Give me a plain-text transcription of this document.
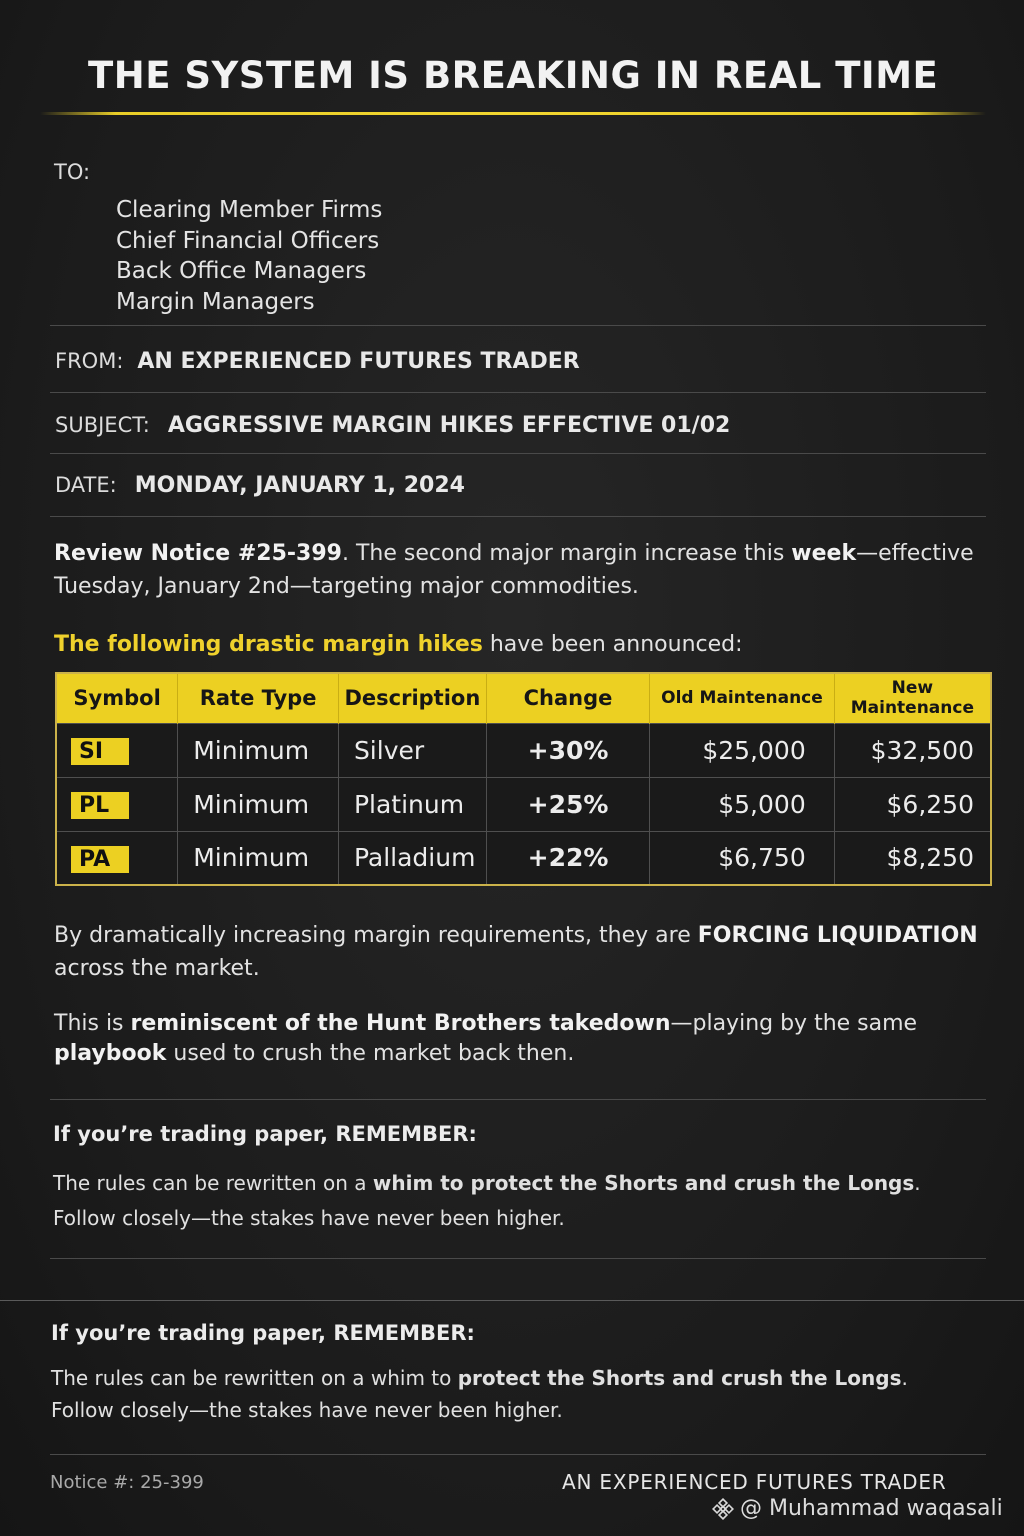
THE SYSTEM IS BREAKING IN REAL TIME
TO:
Clearing Member Firms
Chief Financial Officers
Back Office Managers
Margin Managers
FROM: AN EXPERIENCED FUTURES TRADER
SUBJECT: AGGRESSIVE MARGIN HIKES EFFECTIVE 01/02
DATE: MONDAY, JANUARY 1, 2024
Review Notice #25-399. The second major margin increase this week—effective Tuesday, January 2nd—targeting major commodities.
The following drastic margin hikes have been announced:
Symbol	Rate Type	Description	Change	Old Maintenance	New Maintenance
SI	Minimum	Silver	+30%	$25,000	$32,500
PL	Minimum	Platinum	+25%	$5,000	$6,250
PA	Minimum	Palladium	+22%	$6,750	$8,250
By dramatically increasing margin requirements, they are FORCING LIQUIDATION across the market.
This is reminiscent of the Hunt Brothers takedown—playing by the same playbook used to crush the market back then.
If you’re trading paper, REMEMBER:
The rules can be rewritten on a whim to protect the Shorts and crush the Longs.
Follow closely—the stakes have never been higher.
If you’re trading paper, REMEMBER:
The rules can be rewritten on a whim to protect the Shorts and crush the Longs.
Follow closely—the stakes have never been higher.
Notice #: 25-399	AN EXPERIENCED FUTURES TRADER
@ Muhammad waqasali
